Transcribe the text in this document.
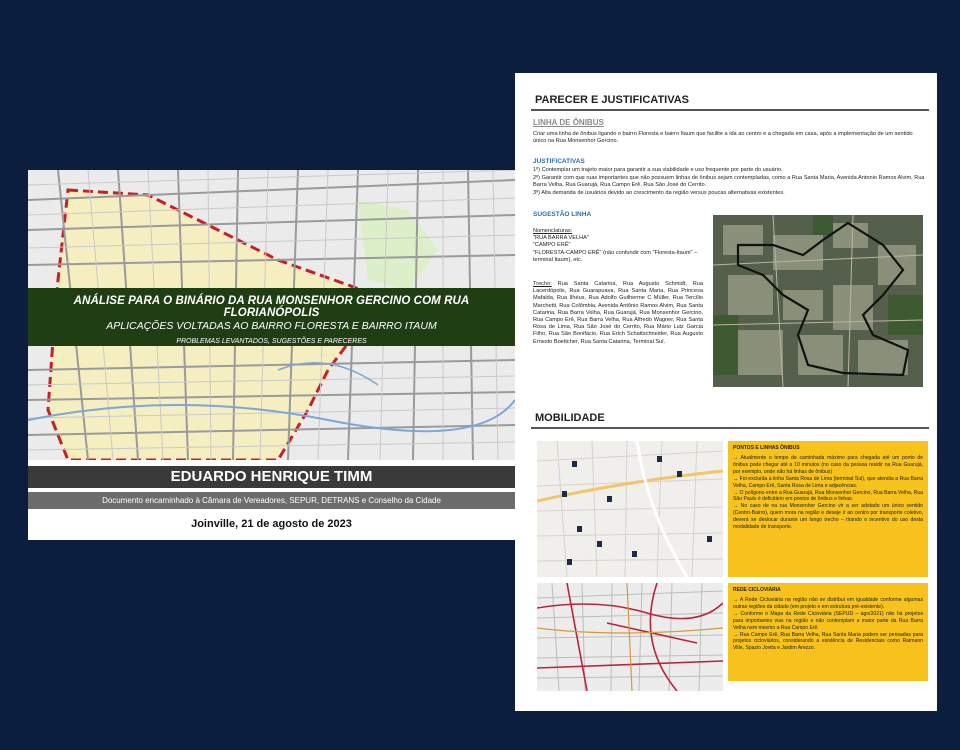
ANÁLISE PARA O BINÁRIO DA RUA MONSENHOR GERCINO COM RUA FLORIANÓPOLIS
APLICAÇÕES VOLTADAS AO BAIRRO FLORESTA E BAIRRO ITAUM
PROBLEMAS LEVANTADOS, SUGESTÕES E PARECERES
EDUARDO HENRIQUE TIMM
Documento encaminhado à Câmara de Vereadores, SEPUR, DETRANS e Conselho da Cidade
Joinville, 21 de agosto de 2023
PARECER E JUSTIFICATIVAS
LINHA DE ÔNIBUS
Criar uma linha de ônibus ligando o bairro Floresta e bairro Itaum que facilite a ida ao centro e a chegada em casa, após a implementação de um sentido único na Rua Monsenhor Gercino.
JUSTIFICATIVAS
1º) Contemplar um trajeto maior para garantir a sua viabilidade e uso frequente por parte do usuário.
2º) Garantir com que ruas importantes que não possuem linhas de ônibus sejam contempladas, como a Rua Santa Maria, Avenida Antonio Ramos Alvim, Rua Barra Velha, Rua Guarujá, Rua Campo Erê, Rua São José do Cerrito.
3º) Alta demanda de usuários devido ao crescimento da região versus poucas alternativas existentes.
SUGESTÃO LINHA
Nomenclaturas:
"RUA BARRA VELHA"
"CAMPO ERÊ"
"FLORESTA-CAMPO ERÊ" (não confundir com "Floresta-Itaum" – terminal Itaum), etc.
Trecho: Rua Santa Catarina, Rua Augusto Schmidt, Rua Lacerdópolis, Rua Guarapuava, Rua Santa Maria, Rua Princesa Mafalda, Rua Ilhéus, Rua Adolfo Guilherme C Müller, Rua Tercílio Marchetti, Rua Colômbia, Avenida Antônio Ramos Alvim, Rua Santa Catarina, Rua Barra Velha, Rua Guarujá, Rua Monsenhor Gercino, Rua Campo Erê, Rua Barra Velha, Rua Alfredo Wagner, Rua Santa Rosa de Lima, Rua São José do Cerrito, Rua Mário Luiz Garcia Filho, Rua São Bonifácio, Rua Erich Schattschneider, Rua Augusto Ernesto Boettcher, Rua Santa Catarina, Terminal Sul.
MOBILIDADE
PONTOS E LINHAS ÔNIBUS
→ Atualmente o tempo de caminhada máximo para chegada até um ponto de ônibus pode chegar até a 10 minutos (no caso da pessoa residir na Rua Guarujá, por exemplo, onde não há linhas de ônibus)
→ Foi excluída a linha Santa Rosa de Lima (terminal Sul), que atendia a Rua Barra Velha, Campo Erê, Santa Rosa de Lima e adjacências.
→ O polígono entre a Rua Guarujá, Rua Monsenhor Gercino, Rua Barra Velha, Rua São Paulo é deficitário em pontos de ônibus e linhas.
→ No caso de na rua Monsenhor Gercino vir a ser adotado um único sentido (Centro-Bairro), quem mora na região e deseje ir ao centro por transporte coletivo, deverá se deslocar durante um longo trecho – tirando o incentivo do uso desta modalidade de transporte.
REDE CICLOVIÁRIA
→ A Rede Cicloviária na região não se distribui em igualdade conforme algumas outras regiões da cidade (em projeto e em estrutura pré-existente).
→ Conforme o Mapa da Rede Cicloviária (SEPUD – ago/2021) não há projetos para importantes vias na região e não contemplam a maior parte da Rua Barra Velha nem mesmo a Rua Campo Erê.
→ Rua Campo Erê, Rua Barra Velha, Rua Santa Maria podem ser pensadas para projetos cicloviários, considerando a existência de Residenciais como Raimann Ville, Spazio Jovita e Jardim Arezzo.
